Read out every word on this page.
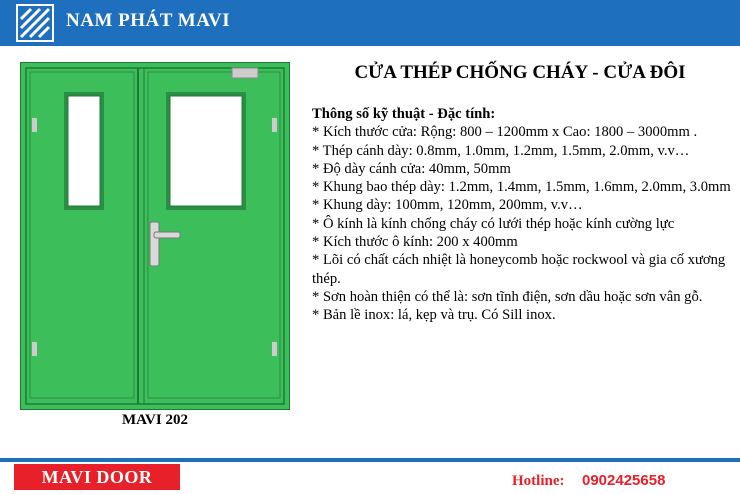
NAM PHÁT MAVI
MAVI 202
CỬA THÉP CHỐNG CHÁY - CỬA ĐÔI
Thông số kỹ thuật - Đặc tính:
* Kích thước cửa: Rộng: 800 – 1200mm x Cao: 1800 – 3000mm .
* Thép cánh dày: 0.8mm, 1.0mm, 1.2mm, 1.5mm, 2.0mm, v.v…
* Độ dày cánh cửa: 40mm, 50mm
* Khung bao thép dày: 1.2mm, 1.4mm, 1.5mm, 1.6mm, 2.0mm, 3.0mm
* Khung dày: 100mm, 120mm, 200mm, v.v…
* Ô kính là kính chống cháy có lưới thép hoặc kính cường lực
* Kích thước ô kính: 200 x 400mm
* Lõi có chất cách nhiệt là honeycomb hoặc rockwool và gia cố xương thép.
* Sơn hoàn thiện có thể là: sơn tĩnh điện, sơn dầu hoặc sơn vân gỗ.
* Bản lề inox: lá, kẹp và trụ. Có Sill inox.
MAVI DOOR	Hotline: 0902425658
